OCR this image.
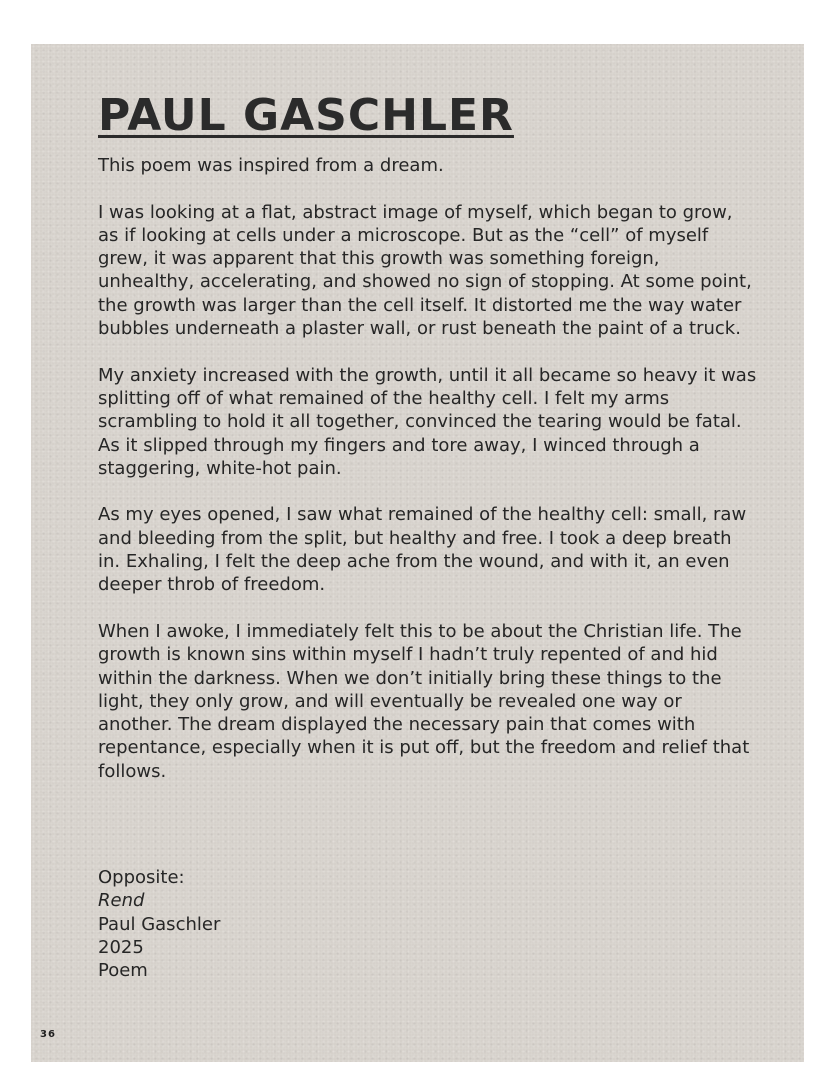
PAUL GASCHLER

This poem was inspired from a dream.

I was looking at a flat, abstract image of myself, which began to grow, as if looking at cells under a microscope. But as the “cell” of myself grew, it was apparent that this growth was something foreign, unhealthy, accelerating, and showed no sign of stopping. At some point, the growth was larger than the cell itself. It distorted me the way water bubbles underneath a plaster wall, or rust beneath the paint of a truck.

My anxiety increased with the growth, until it all became so heavy it was splitting off of what remained of the healthy cell. I felt my arms scrambling to hold it all together, convinced the tearing would be fatal. As it slipped through my fingers and tore away, I winced through a staggering, white-hot pain.

As my eyes opened, I saw what remained of the healthy cell: small, raw and bleeding from the split, but healthy and free. I took a deep breath in. Exhaling, I felt the deep ache from the wound, and with it, an even deeper throb of freedom.

When I awoke, I immediately felt this to be about the Christian life. The growth is known sins within myself I hadn’t truly repented of and hid within the darkness. When we don’t initially bring these things to the light, they only grow, and will eventually be revealed one way or another. The dream displayed the necessary pain that comes with repentance, especially when it is put off, but the freedom and relief that follows.

Opposite:
Rend
Paul Gaschler
2025
Poem
36
